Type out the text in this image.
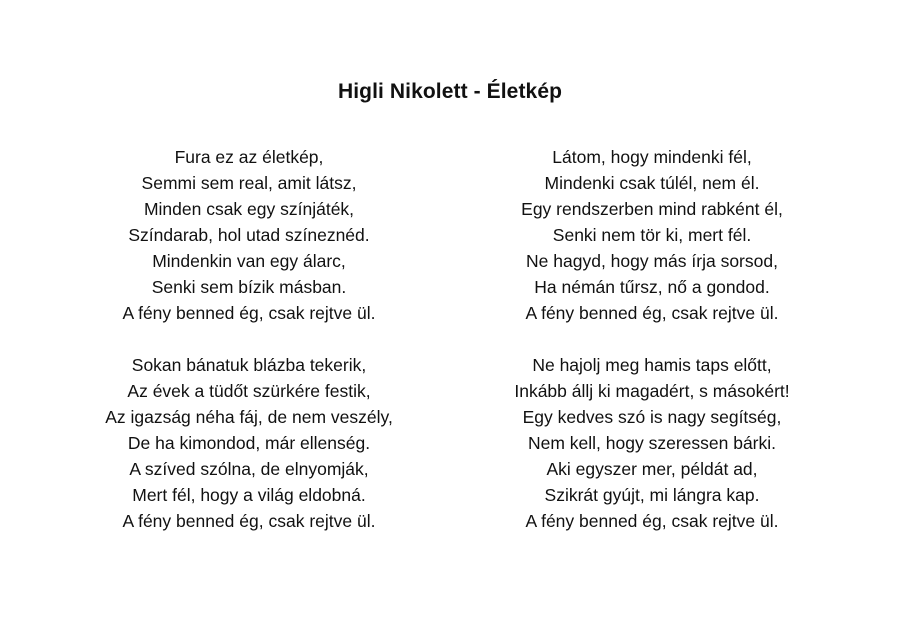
Higli Nikolett - Életkép
Fura ez az életkép,
Semmi sem real, amit látsz,
Minden csak egy színjáték,
Színdarab, hol utad színeznéd.
Mindenkin van egy álarc,
Senki sem bízik másban.
A fény benned ég, csak rejtve ül.
Sokan bánatuk blázba tekerik,
Az évek a tüdőt szürkére festik,
Az igazság néha fáj, de nem veszély,
De ha kimondod, már ellenség.
A szíved szólna, de elnyomják,
Mert fél, hogy a világ eldobná.
A fény benned ég, csak rejtve ül.
Látom, hogy mindenki fél,
Mindenki csak túlél, nem él.
Egy rendszerben mind rabként él,
Senki nem tör ki, mert fél.
Ne hagyd, hogy más írja sorsod,
Ha némán tűrsz, nő a gondod.
A fény benned ég, csak rejtve ül.
Ne hajolj meg hamis taps előtt,
Inkább állj ki magadért, s másokért!
Egy kedves szó is nagy segítség,
Nem kell, hogy szeressen bárki.
Aki egyszer mer, példát ad,
Szikrát gyújt, mi lángra kap.
A fény benned ég, csak rejtve ül.
